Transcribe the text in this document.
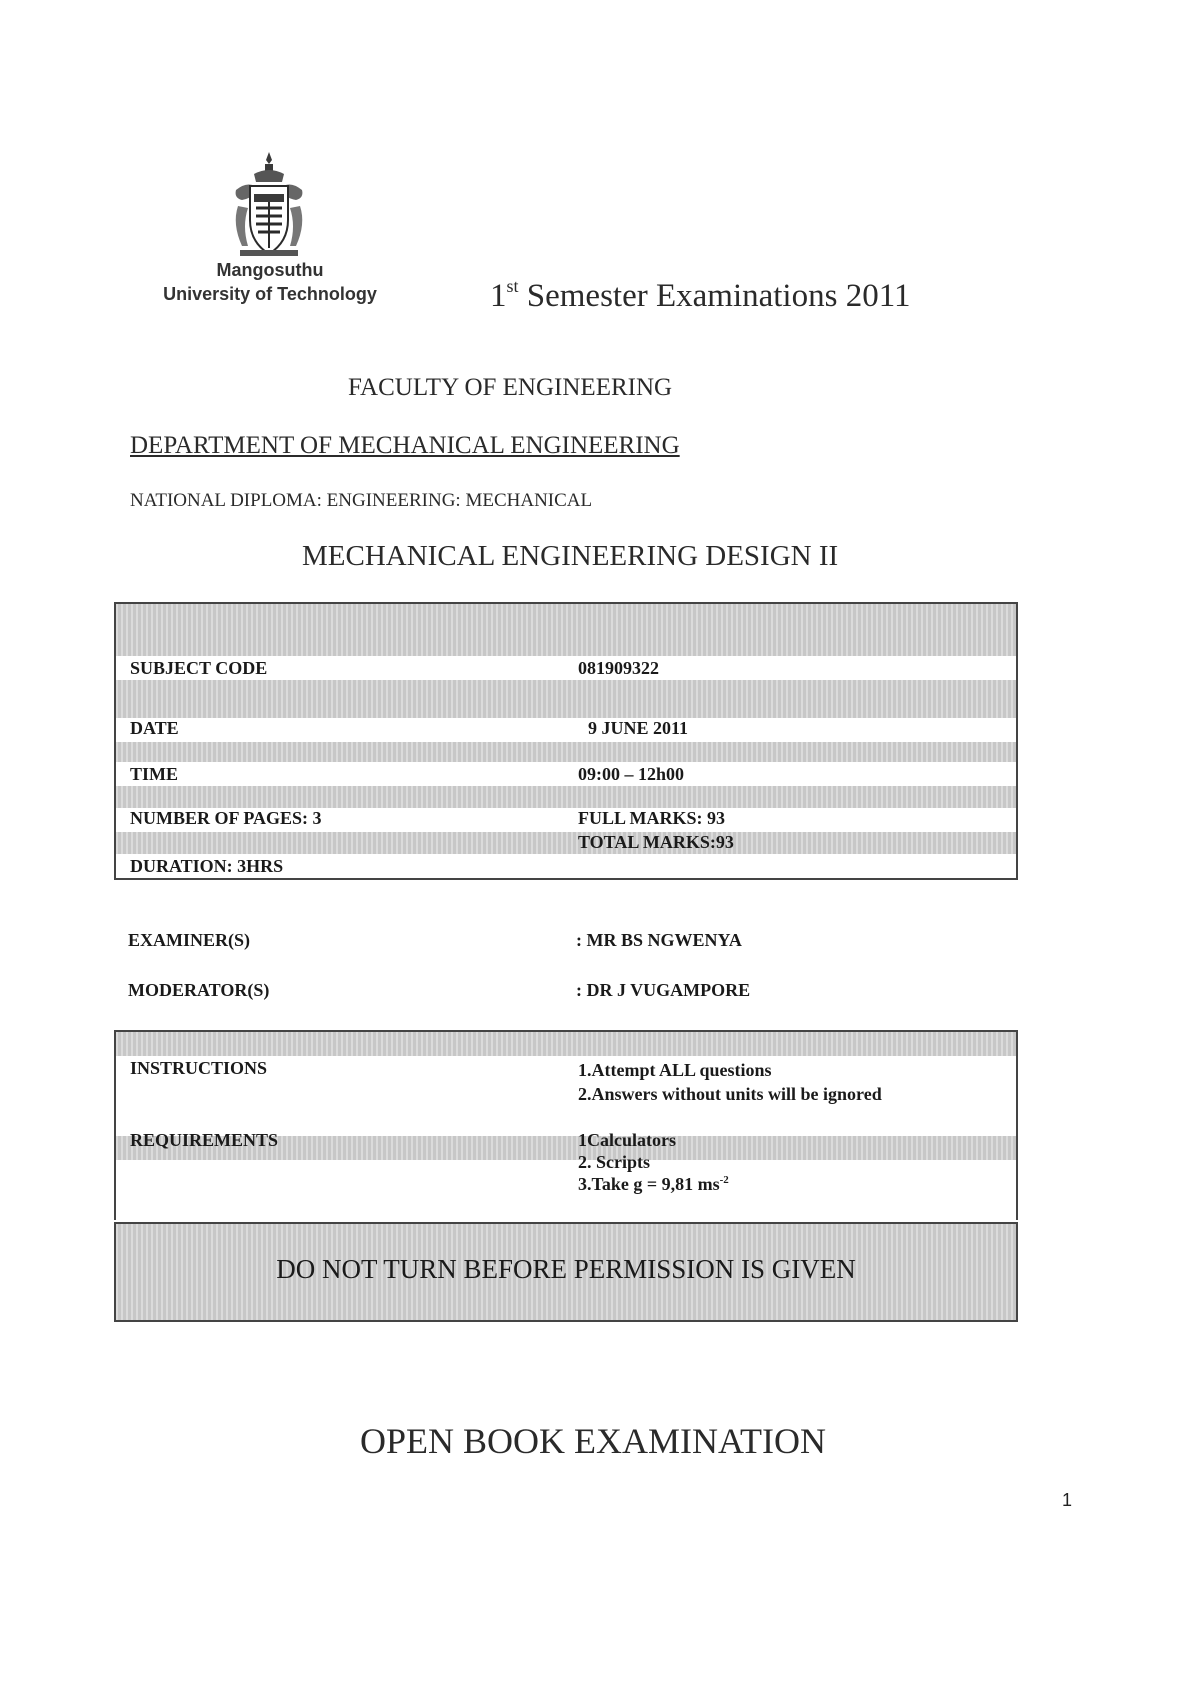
Mangosuthu
University of Technology	1st Semester Examinations 2011
FACULTY OF ENGINEERING
DEPARTMENT OF MECHANICAL ENGINEERING
NATIONAL DIPLOMA: ENGINEERING: MECHANICAL
MECHANICAL ENGINEERING DESIGN II
SUBJECT CODE	081909322
DATE	9 JUNE 2011
TIME	09:00 – 12h00
NUMBER OF PAGES: 3	FULL MARKS: 93
TOTAL MARKS:93
DURATION: 3HRS
EXAMINER(S)	: MR BS NGWENYA
MODERATOR(S)	: DR J VUGAMPORE
INSTRUCTIONS	1.Attempt ALL questions
2.Answers without units will be ignored
REQUIREMENTS	1Calculators
2. Scripts
3.Take g = 9,81 $ms^{-2}$
DO NOT TURN BEFORE PERMISSION IS GIVEN
OPEN BOOK EXAMINATION
1
